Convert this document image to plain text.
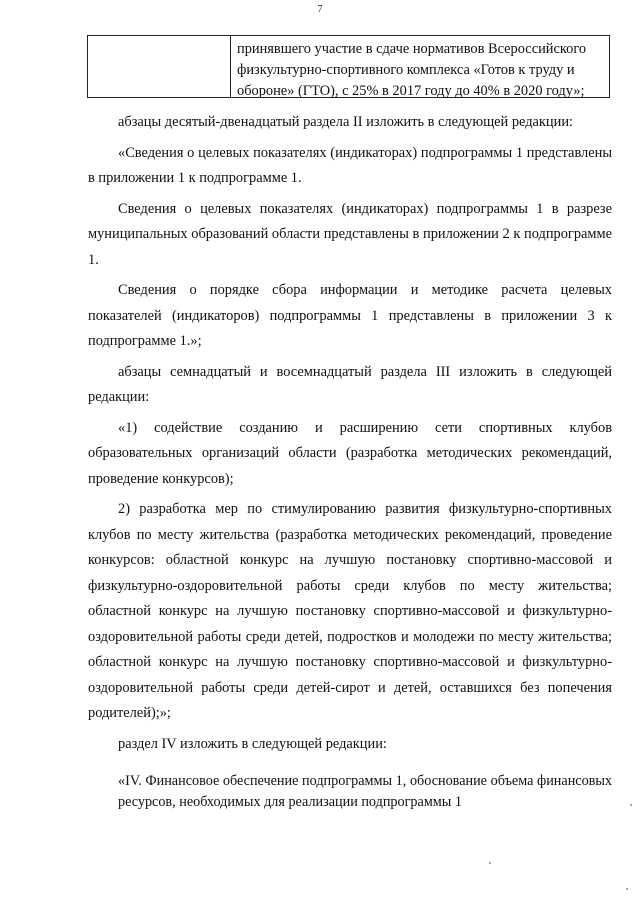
7
принявшего участие в сдаче нормативов Всероссийского физкультурно-спортивного комплекса «Готов к труду и обороне» (ГТО), с 25% в 2017 году до 40% в 2020 году»;

абзацы десятый-двенадцатый раздела II изложить в следующей редакции:

«Сведения о целевых показателях (индикаторах) подпрограммы 1 представлены в приложении 1 к подпрограмме 1.

Сведения о целевых показателях (индикаторах) подпрограммы 1 в разрезе муниципальных образований области представлены в приложении 2 к подпрограмме 1.

Сведения о порядке сбора информации и методике расчета целевых показателей (индикаторов) подпрограммы 1 представлены в приложении 3 к подпрограмме 1.»;

абзацы семнадцатый и восемнадцатый раздела III изложить в следующей редакции:

«1) содействие созданию и расширению сети спортивных клубов образовательных организаций области (разработка методических рекомендаций, проведение конкурсов);

2) разработка мер по стимулированию развития физкультурно-спортивных клубов по месту жительства (разработка методических рекомендаций, проведение конкурсов: областной конкурс на лучшую постановку спортивно-массовой и физкультурно-оздоровительной работы среди клубов по месту жительства; областной конкурс на лучшую постановку спортивно-массовой и физкультурно-оздоровительной работы среди детей, подростков и молодежи по месту жительства; областной конкурс на лучшую постановку спортивно-массовой и физкультурно-оздоровительной работы среди детей-сирот и детей, оставшихся без попечения родителей);»;

раздел IV изложить в следующей редакции:

«IV. Финансовое обеспечение подпрограммы 1, обоснование объема финансовых ресурсов, необходимых для реализации подпрограммы 1
